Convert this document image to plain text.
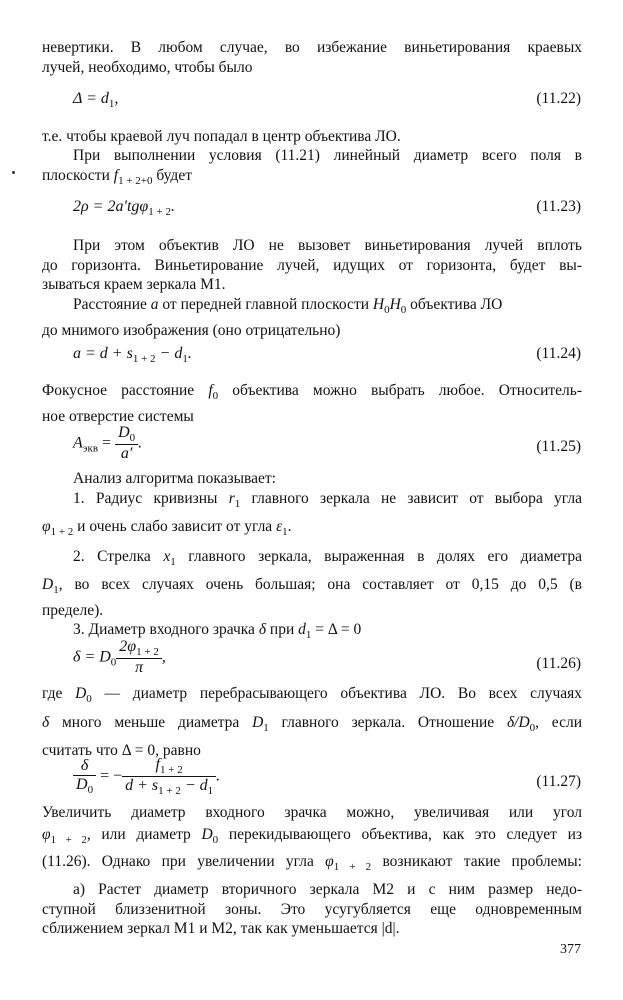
невертики. В любом случае, во избежание виньетирования краевых
лучей, необходимо, чтобы было
$\Delta = d_1$,	(11.22)
т.е. чтобы краевой луч попадал в центр объектива ЛО.
При выполнении условия (11.21) линейный диаметр всего поля в
плоскости $f_{1 + 2+0}$ будет
2ρ = 2a′tgφ$_{1 + 2}$.	(11.23)
При этом объектив ЛО не вызовет виньетирования лучей вплоть
до горизонта. Виньетирование лучей, идущих от горизонта, будет вы-
зываться краем зеркала М1.
Расстояние a от передней главной плоскости $H_0H_0$ объектива ЛО
до мнимого изображения (оно отрицательно)
$a = d + s_{1 + 2} - d_1$.	(11.24)
Фокусное расстояние $f_0$ объектива можно выбрать любое. Относитель-
ное отверстие системы
$A_{экв} = \frac{D_0}{a'}$ .	(11.25)
Анализ алгоритма показывает:
1. Радиус кривизны $r_1$ главного зеркала не зависит от выбора угла
$\varphi_{1 + 2}$ и очень слабо зависит от угла $\varepsilon_1$.
2. Стрелка $x_1$ главного зеркала, выраженная в долях его диаметра
$D_1$, во всех случаях очень большая; она составляет от 0,15 до 0,5 (в
пределе).
3. Диаметр входного зрачка δ при $d_1 = \Delta = 0$
$\delta = D_0 \frac{2\varphi_{1 + 2}}{\pi}$ ,	(11.26)
где $D_0$ — диаметр перебрасывающего объектива ЛО. Во всех случаях
δ много меньше диаметра $D_1$ главного зеркала. Отношение $\delta/D_0$, если
считать что Δ = 0, равно
$\frac{\delta}{D_0}$ = − $\frac{f_{1 + 2}}{d + s_{1 + 2} - d_1}$ .	(11.27)
Увеличить диаметр входного зрачка можно, увеличивая или угол
$\varphi_{1 + 2}$, или диаметр $D_0$ перекидывающего объектива, как это следует из
(11.26). Однако при увеличении угла $\varphi_{1 + 2}$ возникают такие проблемы:
а) Растет диаметр вторичного зеркала М2 и с ним размер недо-
ступной близзенитной зоны. Это усугубляется еще одновременным
сближением зеркал М1 и М2, так как уменьшается |d|.
377
